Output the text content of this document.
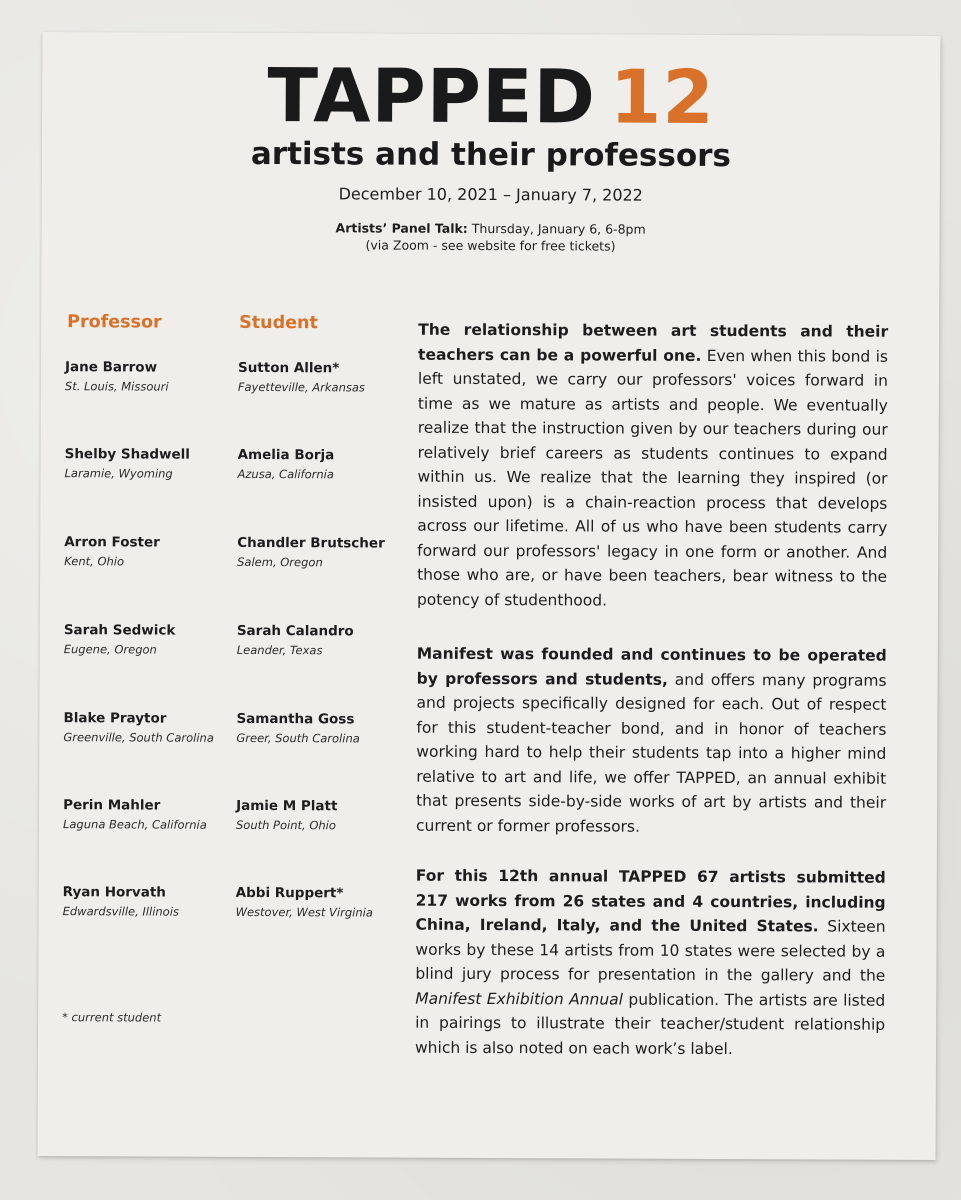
TAPPED 12
artists and their professors
December 10, 2021 – January 7, 2022
Artists’ Panel Talk: Thursday, January 6, 6-8pm
(via Zoom - see website for free tickets)
Professor	Student
Jane Barrow
St. Louis, Missouri
Sutton Allen*
Fayetteville, Arkansas
Shelby Shadwell
Laramie, Wyoming
Amelia Borja
Azusa, California
Arron Foster
Kent, Ohio
Chandler Brutscher
Salem, Oregon
Sarah Sedwick
Eugene, Oregon
Sarah Calandro
Leander, Texas
Blake Praytor
Greenville, South Carolina
Samantha Goss
Greer, South Carolina
Perin Mahler
Laguna Beach, California
Jamie M Platt
South Point, Ohio
Ryan Horvath
Edwardsville, Illinois
Abbi Ruppert*
Westover, West Virginia
* current student
The relationship between art students and their teachers can be a powerful one. Even when this bond is left unstated, we carry our professors' voices forward in time as we mature as artists and people. We eventually realize that the instruction given by our teachers during our relatively brief careers as students continues to expand within us. We realize that the learning they inspired (or insisted upon) is a chain-reaction process that develops across our lifetime. All of us who have been students carry forward our professors' legacy in one form or another. And those who are, or have been teachers, bear witness to the potency of studenthood.
Manifest was founded and continues to be operated by professors and students, and offers many programs and projects specifically designed for each. Out of respect for this student-teacher bond, and in honor of teachers working hard to help their students tap into a higher mind relative to art and life, we offer TAPPED, an annual exhibit that presents side-by-side works of art by artists and their current or former professors.
For this 12th annual TAPPED 67 artists submitted 217 works from 26 states and 4 countries, including China, Ireland, Italy, and the United States. Sixteen works by these 14 artists from 10 states were selected by a blind jury process for presentation in the gallery and the Manifest Exhibition Annual publication. The artists are listed in pairings to illustrate their teacher/student relationship which is also noted on each work’s label.
